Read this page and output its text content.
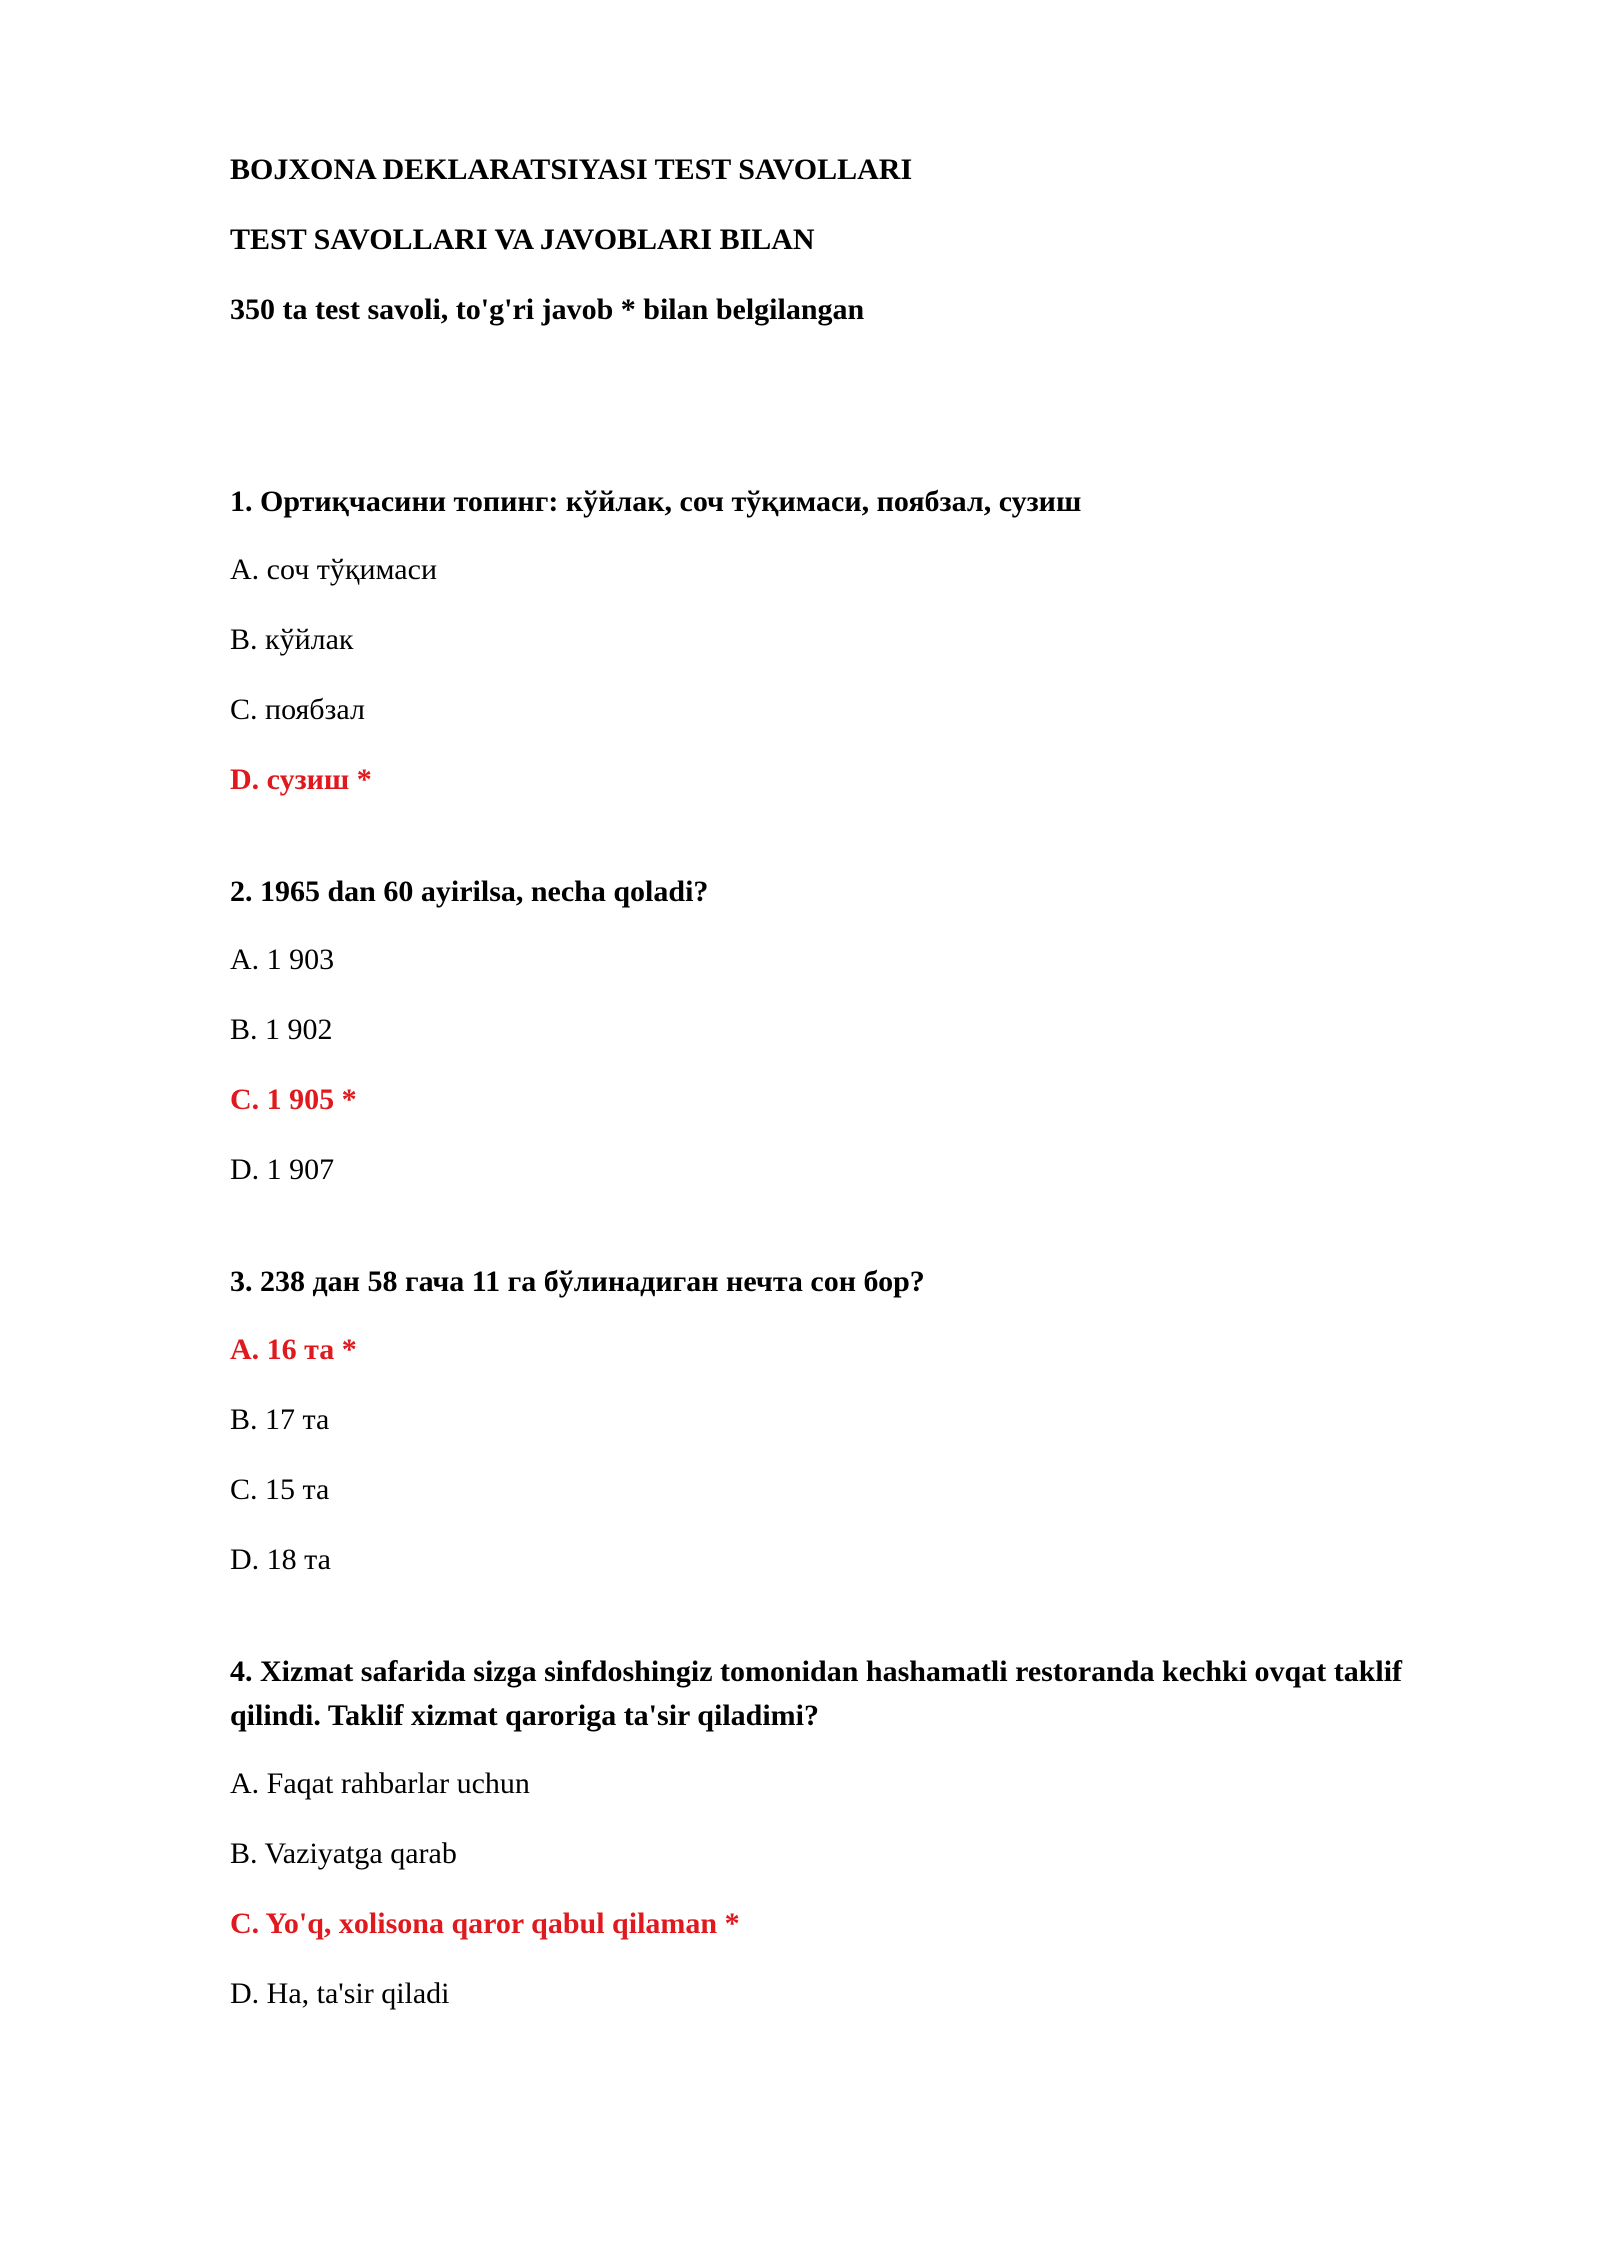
BOJXONA DEKLARATSIYASI TEST SAVOLLARI
TEST SAVOLLARI VA JAVOBLARI BILAN
350 ta test savoli, to'g'ri javob * bilan belgilangan
1. Ортиқчасини топинг: кўйлак, соч тўқимаси, поябзал, сузиш
A. соч тўқимаси
B. кўйлак
C. поябзал
D. сузиш *
2. 1965 dan 60 ayirilsa, necha qoladi?
A. 1 903
B. 1 902
C. 1 905 *
D. 1 907
3. 238 дан 58 гача 11 га бўлинадиган нечта сон бор?
A. 16 та *
B. 17 та
C. 15 та
D. 18 та
4. Xizmat safarida sizga sinfdoshingiz tomonidan hashamatli restoranda kechki ovqat taklif qilindi. Taklif xizmat qaroriga ta'sir qiladimi?
A. Faqat rahbarlar uchun
B. Vaziyatga qarab
C. Yo'q, xolisona qaror qabul qilaman *
D. Ha, ta'sir qiladi
